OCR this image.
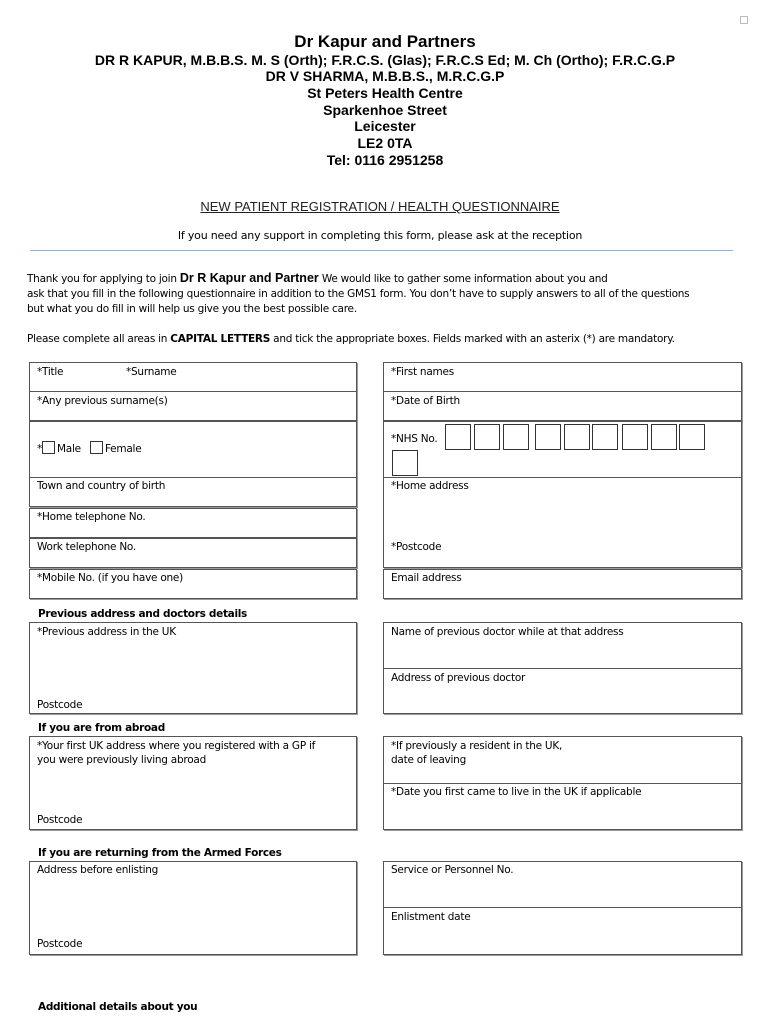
Dr Kapur and Partners
DR R KAPUR, M.B.B.S. M. S (Orth); F.R.C.S. (Glas); F.R.C.S Ed; M. Ch (Ortho); F.R.C.G.P
DR V SHARMA, M.B.B.S., M.R.C.G.P
St Peters Health Centre
Sparkenhoe Street
Leicester
LE2 0TA
Tel: 0116 2951258
NEW PATIENT REGISTRATION / HEALTH QUESTIONNAIRE
If you need any support in completing this form, please ask at the reception
Thank you for applying to join Dr R Kapur and Partner We would like to gather some information about you and
ask that you fill in the following questionnaire in addition to the GMS1 form. You don’t have to supply answers to all of the questions
but what you do fill in will help us give you the best possible care.
Please complete all areas in CAPITAL LETTERS and tick the appropriate boxes. Fields marked with an asterix (*) are mandatory.
*Title	*Surname
*Any previous surname(s)
* Male Female
Town and country of birth
*Home telephone No.
Work telephone No.
*Mobile No. (if you have one)
*First names
*Date of Birth
*NHS No.
*Home address
*Postcode
Email address
Previous address and doctors details
*Previous address in the UK
Postcode
Name of previous doctor while at that address
Address of previous doctor
If you are from abroad
*Your first UK address where you registered with a GP if
you were previously living abroad
Postcode
*If previously a resident in the UK,
date of leaving
*Date you first came to live in the UK if applicable
If you are returning from the Armed Forces
Address before enlisting
Postcode
Service or Personnel No.
Enlistment date
Additional details about you
